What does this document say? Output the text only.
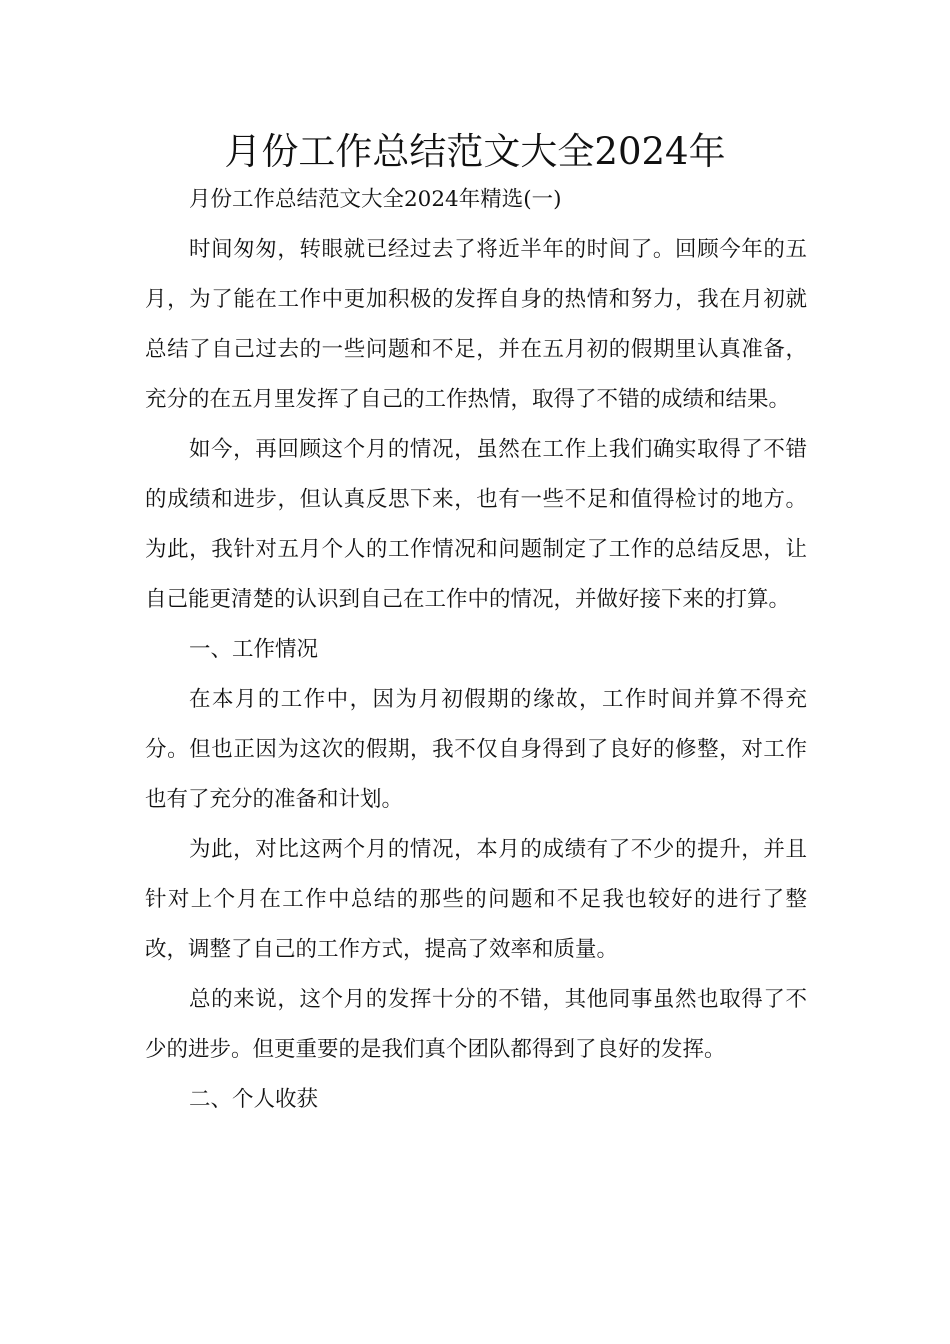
月份工作总结范文大全2024年

月份工作总结范文大全2024年精选(一)

时间匆匆，转眼就已经过去了将近半年的时间了。回顾今年的五月，为了能在工作中更加积极的发挥自身的热情和努力，我在月初就总结了自己过去的一些问题和不足，并在五月初的假期里认真准备，充分的在五月里发挥了自己的工作热情，取得了不错的成绩和结果。

如今，再回顾这个月的情况，虽然在工作上我们确实取得了不错的成绩和进步，但认真反思下来，也有一些不足和值得检讨的地方。为此，我针对五月个人的工作情况和问题制定了工作的总结反思，让自己能更清楚的认识到自己在工作中的情况，并做好接下来的打算。

一、工作情况

在本月的工作中，因为月初假期的缘故，工作时间并算不得充分。但也正因为这次的假期，我不仅自身得到了良好的修整，对工作也有了充分的准备和计划。

为此，对比这两个月的情况，本月的成绩有了不少的提升，并且针对上个月在工作中总结的那些的问题和不足我也较好的进行了整改，调整了自己的工作方式，提高了效率和质量。

总的来说，这个月的发挥十分的不错，其他同事虽然也取得了不少的进步。但更重要的是我们真个团队都得到了良好的发挥。

二、个人收获
